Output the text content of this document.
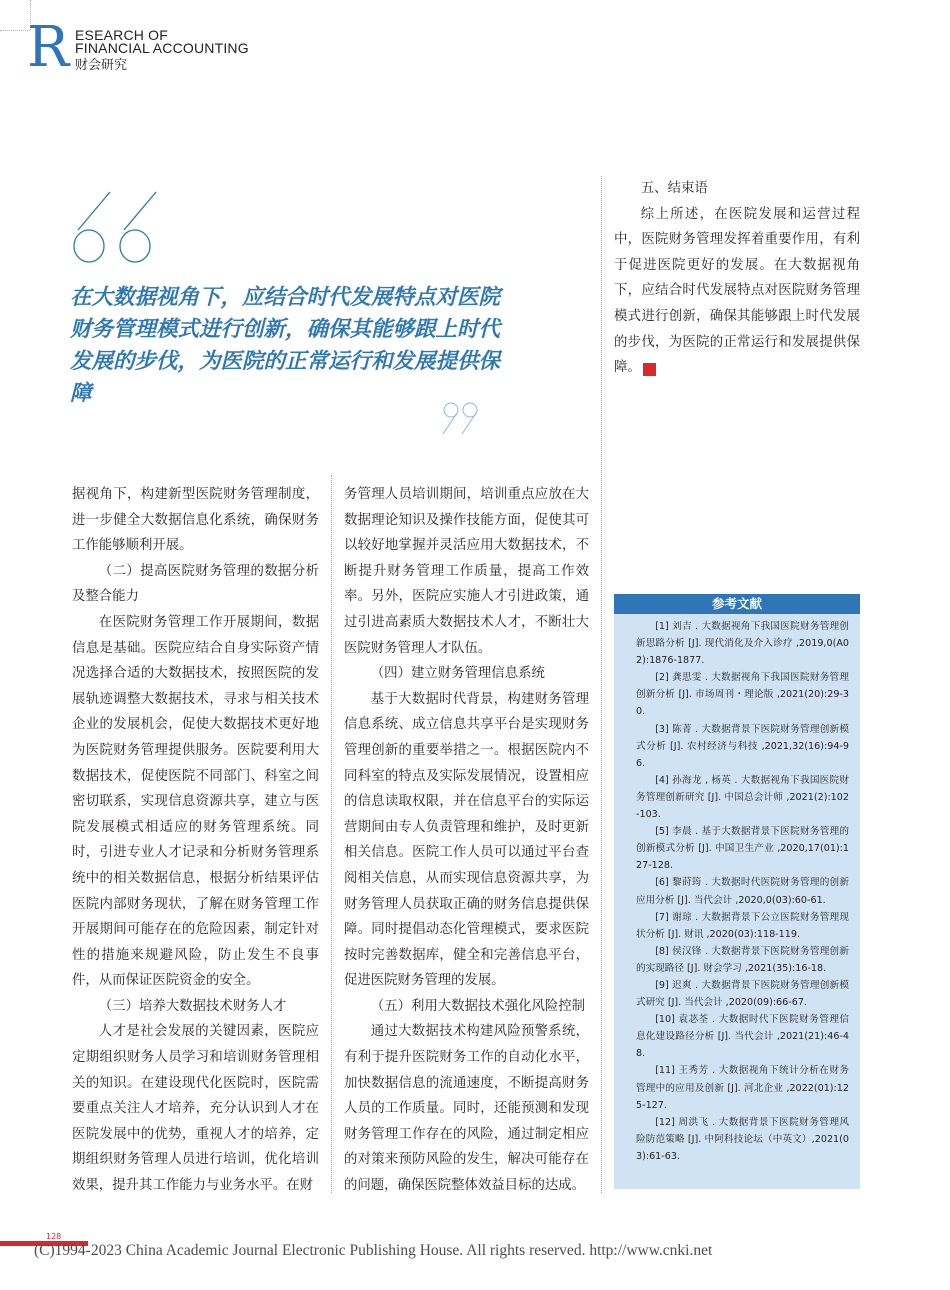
R ESEARCH OF
FINANCIAL ACCOUNTING
财会研究

在大数据视角下，应结合时代发展特点对医院财务管理模式进行创新，确保其能够跟上时代发展的步伐，为医院的正常运行和发展提供保障

据视角下，构建新型医院财务管理制度，进一步健全大数据信息化系统，确保财务工作能够顺利开展。

（二）提高医院财务管理的数据分析及整合能力

在医院财务管理工作开展期间，数据信息是基础。医院应结合自身实际资产情况选择合适的大数据技术，按照医院的发展轨迹调整大数据技术，寻求与相关技术企业的发展机会，促使大数据技术更好地为医院财务管理提供服务。医院要利用大数据技术，促使医院不同部门、科室之间密切联系，实现信息资源共享，建立与医院发展模式相适应的财务管理系统。同时，引进专业人才记录和分析财务管理系统中的相关数据信息，根据分析结果评估医院内部财务现状，了解在财务管理工作开展期间可能存在的危险因素，制定针对性的措施来规避风险，防止发生不良事件，从而保证医院资金的安全。

（三）培养大数据技术财务人才

人才是社会发展的关键因素，医院应定期组织财务人员学习和培训财务管理相关的知识。在建设现代化医院时，医院需要重点关注人才培养，充分认识到人才在医院发展中的优势，重视人才的培养，定期组织财务管理人员进行培训，优化培训效果，提升其工作能力与业务水平。在财

务管理人员培训期间，培训重点应放在大数据理论知识及操作技能方面，促使其可以较好地掌握并灵活应用大数据技术，不断提升财务管理工作质量，提高工作效率。另外，医院应实施人才引进政策，通过引进高素质大数据技术人才，不断壮大医院财务管理人才队伍。

（四）建立财务管理信息系统

基于大数据时代背景，构建财务管理信息系统、成立信息共享平台是实现财务管理创新的重要举措之一。根据医院内不同科室的特点及实际发展情况，设置相应的信息读取权限，并在信息平台的实际运营期间由专人负责管理和维护，及时更新相关信息。医院工作人员可以通过平台查阅相关信息，从而实现信息资源共享，为财务管理人员获取正确的财务信息提供保障。同时提倡动态化管理模式，要求医院按时完善数据库，健全和完善信息平台，促进医院财务管理的发展。

（五）利用大数据技术强化风险控制

通过大数据技术构建风险预警系统，有利于提升医院财务工作的自动化水平，加快数据信息的流通速度，不断提高财务人员的工作质量。同时，还能预测和发现财务管理工作存在的风险，通过制定相应的对策来预防风险的发生，解决可能存在的问题，确保医院整体效益目标的达成。

五、结束语

综上所述，在医院发展和运营过程中，医院财务管理发挥着重要作用，有利于促进医院更好的发展。在大数据视角下，应结合时代发展特点对医院财务管理模式进行创新，确保其能够跟上时代发展的步伐，为医院的正常运行和发展提供保障。	M

参考文献
[1] 刘吉 . 大数据视角下我国医院财务管理创新思路分析 [J]. 现代消化及介入诊疗 ,2019,0(A02):1876-1877.
[2] 龚思雯 . 大数据视角下我国医院财务管理创新分析 [J]. 市场周刊・理论版 ,2021(20):29-30.
[3] 陈菁 . 大数据背景下医院财务管理创新模式分析 [J]. 农村经济与科技 ,2021,32(16):94-96.
[4] 孙海龙 , 杨英 . 大数据视角下我国医院财务管理创新研究 [J]. 中国总会计师 ,2021(2):102-103.
[5] 李晨 . 基于大数据背景下医院财务管理的创新模式分析 [J]. 中国卫生产业 ,2020,17(01):127-128.
[6] 黎莳筠 . 大数据时代医院财务管理的创新应用分析 [J]. 当代会计 ,2020,0(03):60-61.
[7] 谢琼 . 大数据背景下公立医院财务管理现状分析 [J]. 财讯 ,2020(03):118-119.
[8] 侯汉锋 . 大数据背景下医院财务管理创新的实现路径 [J]. 财会学习 ,2021(35):16-18.
[9] 迟爽 . 大数据背景下医院财务管理创新模式研究 [J]. 当代会计 ,2020(09):66-67.
[10] 袁苾荃 . 大数据时代下医院财务管理信息化建设路径分析 [J]. 当代会计 ,2021(21):46-48.
[11] 王秀芳 . 大数据视角下统计分析在财务管理中的应用及创新 [J]. 河北企业 ,2022(01):125-127.
[12] 周洪飞 . 大数据背景下医院财务管理风险防范策略 [J]. 中阿科技论坛（中英文）,2021(03):61-63.
128
(C)1994-2023 China Academic Journal Electronic Publishing House. All rights reserved. http://www.cnki.net
